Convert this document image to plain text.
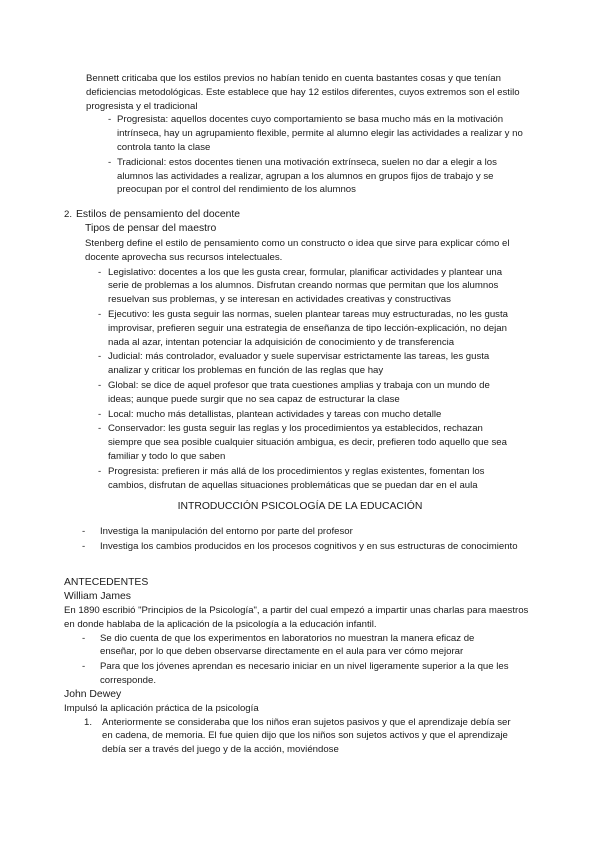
Bennett criticaba que los estilos previos no habían tenido en cuenta bastantes cosas y que tenían deficiencias metodológicas. Este establece que hay 12 estilos diferentes, cuyos extremos son el estilo progresista y el tradicional

- Progresista: aquellos docentes cuyo comportamiento se basa mucho más en la motivación intrínseca, hay un agrupamiento flexible, permite al alumno elegir las actividades a realizar y no controla tanto la clase

- Tradicional: estos docentes tienen una motivación extrínseca, suelen no dar a elegir a los alumnos las actividades a realizar, agrupan a los alumnos en grupos fijos de trabajo y se preocupan por el control del rendimiento de los alumnos

2. Estilos de pensamiento del docente
Tipos de pensar del maestro

Stenberg define el estilo de pensamiento como un constructo o idea que sirve para explicar cómo el docente aprovecha sus recursos intelectuales.

- Legislativo: docentes a los que les gusta crear, formular, planificar actividades y plantear una serie de problemas a los alumnos. Disfrutan creando normas que permitan que los alumnos resuelvan sus problemas, y se interesan en actividades creativas y constructivas

- Ejecutivo: les gusta seguir las normas, suelen plantear tareas muy estructuradas, no les gusta improvisar, prefieren seguir una estrategia de enseñanza de tipo lección-explicación, no dejan nada al azar, intentan potenciar la adquisición de conocimiento y de transferencia

- Judicial: más controlador, evaluador y suele supervisar estrictamente las tareas, les gusta analizar y criticar los problemas en función de las reglas que hay

- Global: se dice de aquel profesor que trata cuestiones amplias y trabaja con un mundo de ideas; aunque puede surgir que no sea capaz de estructurar la clase

- Local: mucho más detallistas, plantean actividades y tareas con mucho detalle

- Conservador: les gusta seguir las reglas y los procedimientos ya establecidos, rechazan siempre que sea posible cualquier situación ambigua, es decir, prefieren todo aquello que sea familiar y todo lo que saben

- Progresista: prefieren ir más allá de los procedimientos y reglas existentes, fomentan los cambios, disfrutan de aquellas situaciones problemáticas que se puedan dar en el aula

INTRODUCCIÓN PSICOLOGÍA DE LA EDUCACIÓN
- Investiga la manipulación del entorno por parte del profesor

- Investiga los cambios producidos en los procesos cognitivos y en sus estructuras de conocimiento

ANTECEDENTES
William James

En 1890 escribió "Principios de la Psicología", a partir del cual empezó a impartir unas charlas para maestros en donde hablaba de la aplicación de la psicología a la educación infantil.

- Se dio cuenta de que los experimentos en laboratorios no muestran la manera eficaz de enseñar, por lo que deben observarse directamente en el aula para ver cómo mejorar

- Para que los jóvenes aprendan es necesario iniciar en un nivel ligeramente superior a la que les corresponde.

John Dewey

Impulsó la aplicación práctica de la psicología

1. Anteriormente se consideraba que los niños eran sujetos pasivos y que el aprendizaje debía ser en cadena, de memoria. El fue quien dijo que los niños son sujetos activos y que el aprendizaje debía ser a través del juego y de la acción, moviéndose
